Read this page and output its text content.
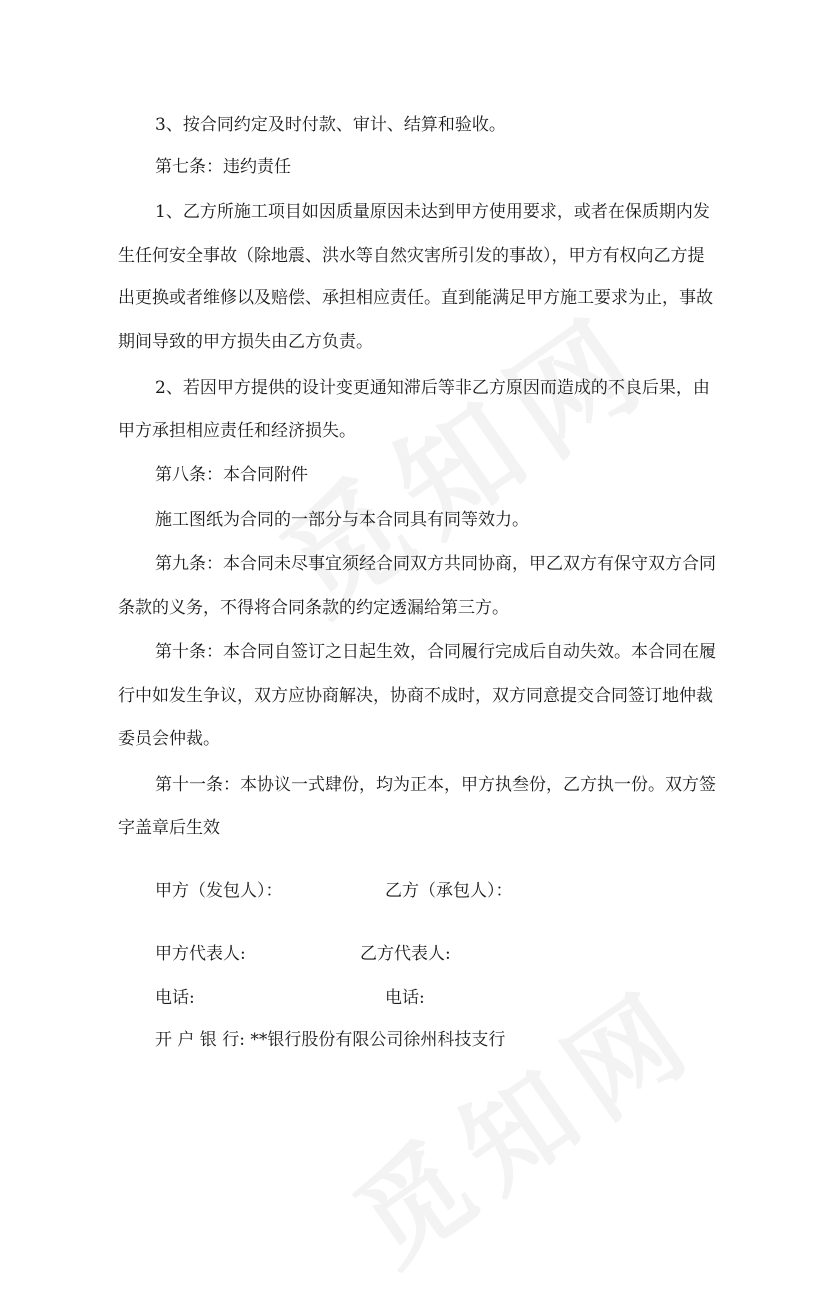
3、按合同约定及时付款、审计、结算和验收。

第七条：违约责任

1、乙方所施工项目如因质量原因未达到甲方使用要求，或者在保质期内发

生任何安全事故（除地震、洪水等自然灾害所引发的事故），甲方有权向乙方提

出更换或者维修以及赔偿、承担相应责任。直到能满足甲方施工要求为止，事故

期间导致的甲方损失由乙方负责。

2、若因甲方提供的设计变更通知滞后等非乙方原因而造成的不良后果，由

甲方承担相应责任和经济损失。

第八条：本合同附件

施工图纸为合同的一部分与本合同具有同等效力。

第九条：本合同未尽事宜须经合同双方共同协商，甲乙双方有保守双方合同

条款的义务，不得将合同条款的约定透漏给第三方。

第十条：本合同自签订之日起生效，合同履行完成后自动失效。本合同在履

行中如发生争议，双方应协商解决，协商不成时，双方同意提交合同签订地仲裁

委员会仲裁。

第十一条：本协议一式肆份，均为正本，甲方执叁份，乙方执一份。双方签

字盖章后生效

甲方（发包人）：	乙方（承包人）：
甲方代表人:	乙方代表人:
电话:	电话:
开 户 银 行: **银行股份有限公司徐州科技支行
